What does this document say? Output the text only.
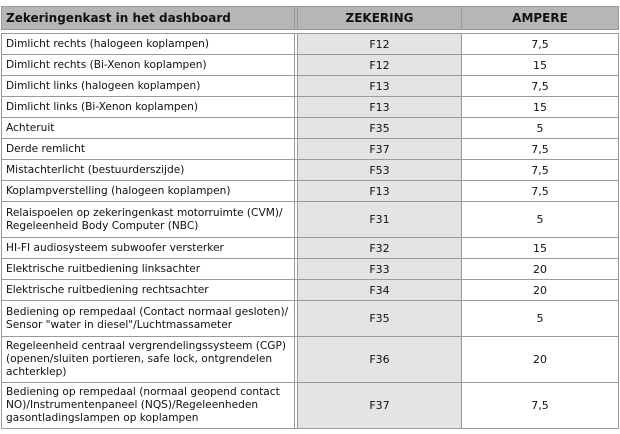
Zekeringenkast in het dashboard		ZEKERING	AMPERE

Dimlicht rechts (halogeen koplampen)		F12	7,5
Dimlicht rechts (Bi-Xenon koplampen)		F12	15
Dimlicht links (halogeen koplampen)		F13	7,5
Dimlicht links (Bi-Xenon koplampen)		F13	15
Achteruit		F35	5
Derde remlicht		F37	7,5
Mistachterlicht (bestuurderszijde)		F53	7,5
Koplampverstelling (halogeen koplampen)		F13	7,5
Relaispoelen op zekeringenkast motorruimte (CVM)/ Regeleenheid Body Computer (NBC)		F31	5
HI-FI audiosysteem subwoofer versterker		F32	15
Elektrische ruitbediening linksachter		F33	20
Elektrische ruitbediening rechtsachter		F34	20
Bediening op rempedaal (Contact normaal gesloten)/ Sensor "water in diesel"/Luchtmassameter		F35	5
Regeleenheid centraal vergrendelingssysteem (CGP) (openen/sluiten portieren, safe lock, ontgrendelen achterklep)		F36	20
Bediening op rempedaal (normaal geopend contact NO)/Instrumentenpaneel (NQS)/Regeleenheden gasontladingslampen op koplampen		F37	7,5
